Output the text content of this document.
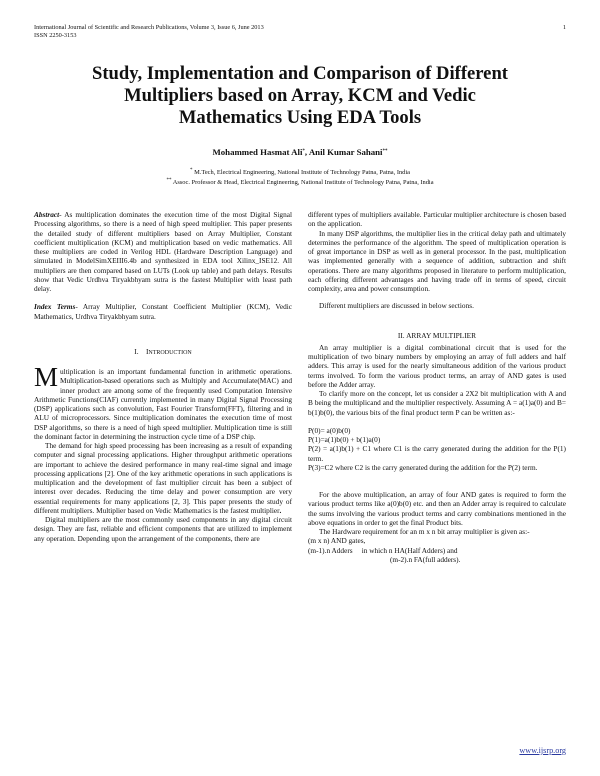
International Journal of Scientific and Research Publications, Volume 3, Issue 6, June 2013
ISSN 2250-3153
1
Study, Implementation and Comparison of Different
Multipliers based on Array, KCM and Vedic
Mathematics Using EDA Tools
Mohammed Hasmat Ali*, Anil Kumar Sahani**
* M.Tech, Electrical Engineering, National Institute of Technology Patna, Patna, India
** Assoc. Professor & Head, Electrical Engineering, National Institute of Technology Patna, Patna, India

Abstract- As multiplication dominates the execution time of the most Digital Signal Processing algorithms, so there is a need of high speed multiplier. This paper presents the detailed study of different multipliers based on Array Multiplier, Constant coefficient multiplication (KCM) and multiplication based on vedic mathematics. All these multipliers are coded in Verilog HDL (Hardware Description Language) and simulated in ModelSimXEIII6.4b and synthesized in EDA tool Xilinx_ISE12. All multipliers are then compared based on LUTs (Look up table) and path delays. Results show that Vedic Urdhva Tiryakbhyam sutra is the fastest Multiplier with least path delay.

Index Terms- Array Multiplier, Constant Coefficient Multiplier (KCM), Vedic Mathematics, Urdhva Tiryakbhyam sutra.

I. INTRODUCTION

Multiplication is an important fundamental function in arithmetic operations. Multiplication-based operations such as Multiply and Accumulate(MAC) and inner product are among some of the frequently used Computation Intensive Arithmetic Functions(CIAF) currently implemented in many Digital Signal Processing (DSP) applications such as convolution, Fast Fourier Transform(FFT), filtering and in ALU of microprocessors. Since multiplication dominates the execution time of most DSP algorithms, so there is a need of high speed multiplier. Multiplication time is still the dominant factor in determining the instruction cycle time of a DSP chip.

The demand for high speed processing has been increasing as a result of expanding computer and signal processing applications. Higher throughput arithmetic operations are important to achieve the desired performance in many real-time signal and image processing applications [2]. One of the key arithmetic operations in such applications is multiplication and the development of fast multiplier circuit has been a subject of interest over decades. Reducing the time delay and power consumption are very essential requirements for many applications [2, 3]. This paper presents the study of different multipliers. Multiplier based on Vedic Mathematics is the fastest multiplier.

Digital multipliers are the most commonly used components in any digital circuit design. They are fast, reliable and efficient components that are utilized to implement any operation. Depending upon the arrangement of the components, there are

different types of multipliers available. Particular multiplier architecture is chosen based on the application.

In many DSP algorithms, the multiplier lies in the critical delay path and ultimately determines the performance of the algorithm. The speed of multiplication operation is of great importance in DSP as well as in general processor. In the past, multiplication was implemented generally with a sequence of addition, subtraction and shift operations. There are many algorithms proposed in literature to perform multiplication, each offering different advantages and having trade off in terms of speed, circuit complexity, area and power consumption.

Different multipliers are discussed in below sections.

II. ARRAY MULTIPLIER

An array multiplier is a digital combinational circuit that is used for the multiplication of two binary numbers by employing an array of full adders and half adders. This array is used for the nearly simultaneous addition of the various product terms involved. To form the various product terms, an array of AND gates is used before the Adder array.

To clarify more on the concept, let us consider a 2X2 bit multiplication with A and B being the multiplicand and the multiplier respectively. Assuming A = a(1)a(0) and B= b(1)b(0), the various bits of the final product term P can be written as:-

P(0)= a(0)b(0)

P(1)=a(1)b(0) + b(1)a(0)

P(2) = a(1)b(1) + C1 where C1 is the carry generated during the addition for the P(1) term.

P(3)=C2 where C2 is the carry generated during the addition for the P(2) term.

For the above multiplication, an array of four AND gates is required to form the various product terms like a(0)b(0) etc. and then an Adder array is required to calculate the sums involving the various product terms and carry combinations mentioned in the above equations in order to get the final Product bits.

The Hardware requirement for an m x n bit array multiplier is given as:-

(m x n) AND gates,

(m-1).n Adders in which n HA(Half Adders) and

(m-2).n FA(full adders).

www.ijsrp.org
